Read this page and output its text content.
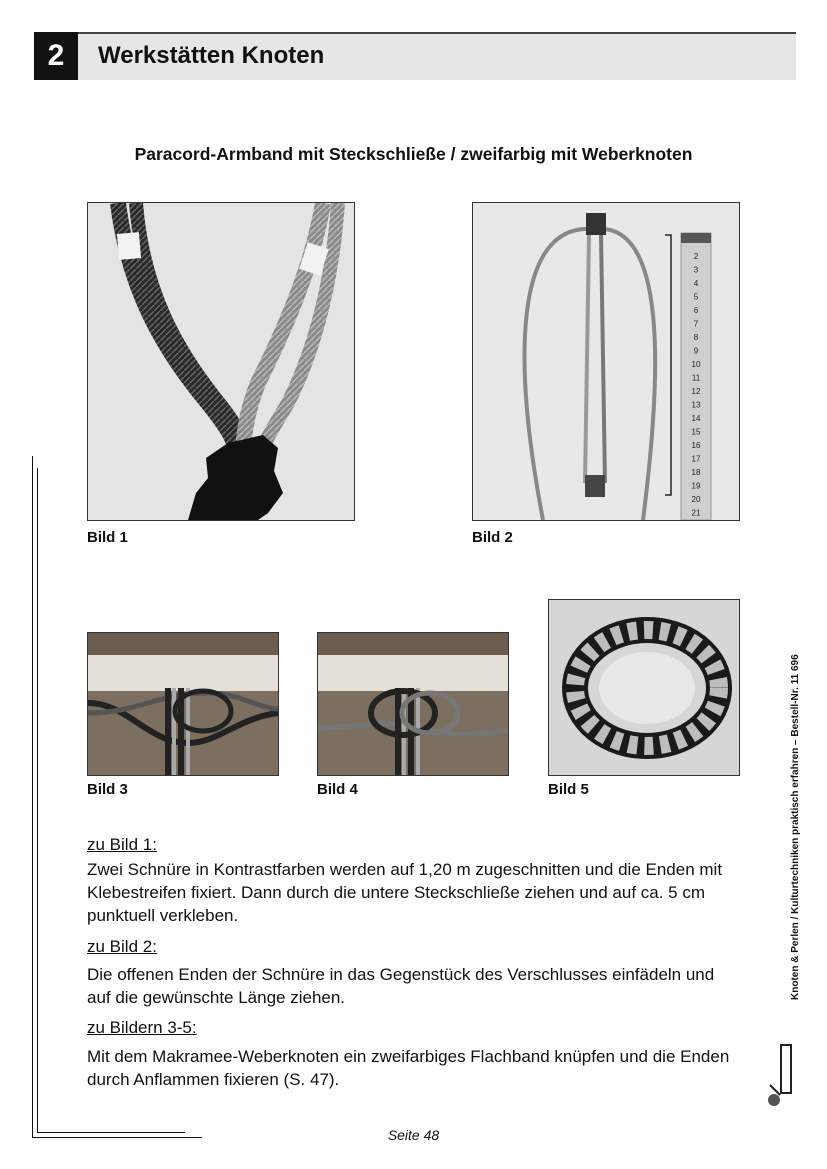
2	Werkstätten Knoten
Paracord-Armband mit Steckschließe / zweifarbig mit Weberknoten
Bild 1
2
3
4
5
6
7
8
9
10
11
12
13
14
15
16
17
18
19
20
21
Bild 2
Bild 3	Bild 4	Bild 5
zu Bild 1:
Zwei Schnüre in Kontrastfarben werden auf 1,20 m zugeschnitten und die Enden mit Klebestreifen fixiert. Dann durch die untere Steckschließe ziehen und auf ca. 5 cm punktuell verkleben.
zu Bild 2:
Die offenen Enden der Schnüre in das Gegenstück des Verschlusses einfädeln und auf die gewünschte Länge ziehen.
zu Bildern 3-5:
Mit dem Makramee-Weberknoten ein zweifarbiges Flachband knüpfen und die Enden durch Anflammen fixieren (S. 47).
Knoten & Perlen / Kulturtechniken praktisch erfahren – Bestell-Nr. 11 696
Seite 48
